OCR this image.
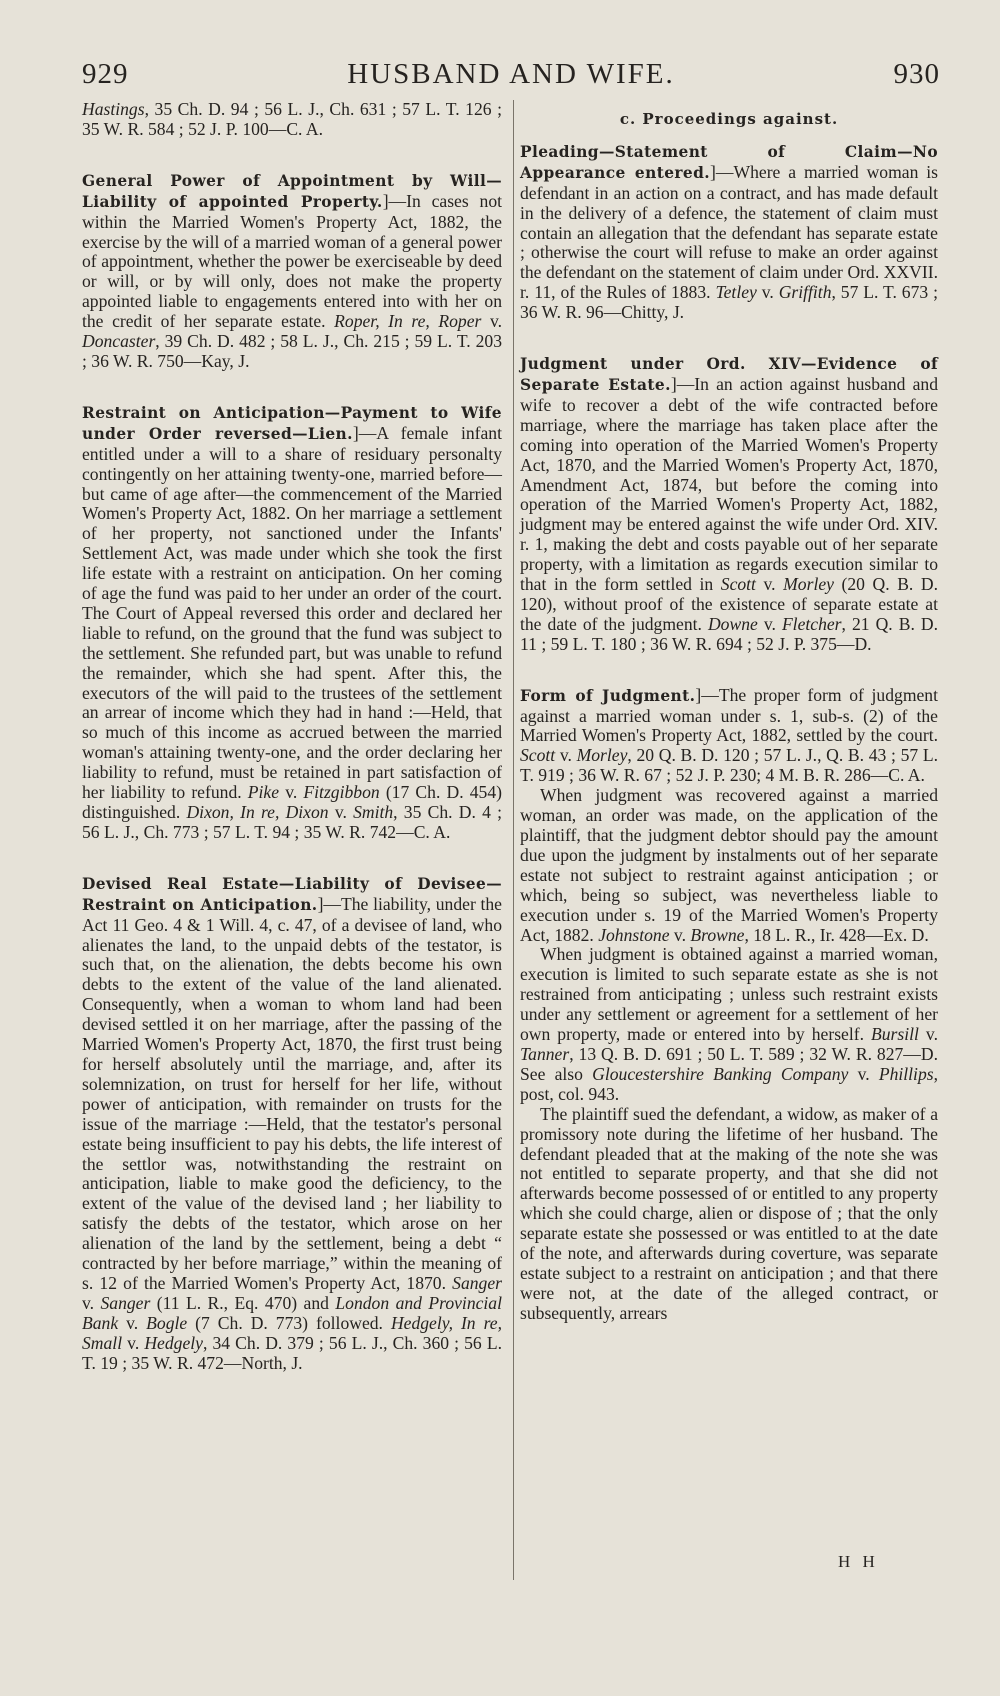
929	HUSBAND AND WIFE.	930

Hastings, 35 Ch. D. 94 ; 56 L. J., Ch. 631 ; 57 L. T. 126 ; 35 W. R. 584 ; 52 J. P. 100—C. A.

General Power of Appointment by Will—Liability of appointed Property.]—In cases not within the Married Women's Property Act, 1882, the exercise by the will of a married woman of a general power of appointment, whether the power be exerciseable by deed or will, or by will only, does not make the property appointed liable to engagements entered into with her on the credit of her separate estate. Roper, In re, Roper v. Doncaster, 39 Ch. D. 482 ; 58 L. J., Ch. 215 ; 59 L. T. 203 ; 36 W. R. 750—Kay, J.

Restraint on Anticipation—Payment to Wife under Order reversed—Lien.]—A female infant entitled under a will to a share of residuary personalty contingently on her attaining twenty-one, married before—but came of age after—the commencement of the Married Women's Property Act, 1882. On her marriage a settlement of her property, not sanctioned under the Infants' Settlement Act, was made under which she took the first life estate with a restraint on anticipation. On her coming of age the fund was paid to her under an order of the court. The Court of Appeal reversed this order and declared her liable to refund, on the ground that the fund was subject to the settlement. She refunded part, but was unable to refund the remainder, which she had spent. After this, the executors of the will paid to the trustees of the settlement an arrear of income which they had in hand :—Held, that so much of this income as accrued between the married woman's attaining twenty-one, and the order declaring her liability to refund, must be retained in part satisfaction of her liability to refund. Pike v. Fitzgibbon (17 Ch. D. 454) distinguished. Dixon, In re, Dixon v. Smith, 35 Ch. D. 4 ; 56 L. J., Ch. 773 ; 57 L. T. 94 ; 35 W. R. 742—C. A.

Devised Real Estate—Liability of Devisee—Restraint on Anticipation.]—The liability, under the Act 11 Geo. 4 & 1 Will. 4, c. 47, of a devisee of land, who alienates the land, to the unpaid debts of the testator, is such that, on the alienation, the debts become his own debts to the extent of the value of the land alienated. Consequently, when a woman to whom land had been devised settled it on her marriage, after the passing of the Married Women's Property Act, 1870, the first trust being for herself absolutely until the marriage, and, after its solemnization, on trust for herself for her life, without power of anticipation, with remainder on trusts for the issue of the marriage :—Held, that the testator's personal estate being insufficient to pay his debts, the life interest of the settlor was, notwithstanding the restraint on anticipation, liable to make good the deficiency, to the extent of the value of the devised land ; her liability to satisfy the debts of the testator, which arose on her alienation of the land by the settlement, being a debt “ contracted by her before marriage,” within the meaning of s. 12 of the Married Women's Property Act, 1870. Sanger v. Sanger (11 L. R., Eq. 470) and London and Provincial Bank v. Bogle (7 Ch. D. 773) followed. Hedgely, In re, Small v. Hedgely, 34 Ch. D. 379 ; 56 L. J., Ch. 360 ; 56 L. T. 19 ; 35 W. R. 472—North, J.

c. Proceedings against.

Pleading—Statement of Claim—No Appearance entered.]—Where a married woman is defendant in an action on a contract, and has made default in the delivery of a defence, the statement of claim must contain an allegation that the defendant has separate estate ; otherwise the court will refuse to make an order against the defendant on the statement of claim under Ord. XXVII. r. 11, of the Rules of 1883. Tetley v. Griffith, 57 L. T. 673 ; 36 W. R. 96—Chitty, J.

Judgment under Ord. XIV—Evidence of Separate Estate.]—In an action against husband and wife to recover a debt of the wife contracted before marriage, where the marriage has taken place after the coming into operation of the Married Women's Property Act, 1870, and the Married Women's Property Act, 1870, Amendment Act, 1874, but before the coming into operation of the Married Women's Property Act, 1882, judgment may be entered against the wife under Ord. XIV. r. 1, making the debt and costs payable out of her separate property, with a limitation as regards execution similar to that in the form settled in Scott v. Morley (20 Q. B. D. 120), without proof of the existence of separate estate at the date of the judgment. Downe v. Fletcher, 21 Q. B. D. 11 ; 59 L. T. 180 ; 36 W. R. 694 ; 52 J. P. 375—D.

Form of Judgment.]—The proper form of judgment against a married woman under s. 1, sub-s. (2) of the Married Women's Property Act, 1882, settled by the court. Scott v. Morley, 20 Q. B. D. 120 ; 57 L. J., Q. B. 43 ; 57 L. T. 919 ; 36 W. R. 67 ; 52 J. P. 230; 4 M. B. R. 286—C. A.

When judgment was recovered against a married woman, an order was made, on the application of the plaintiff, that the judgment debtor should pay the amount due upon the judgment by instalments out of her separate estate not subject to restraint against anticipation ; or which, being so subject, was nevertheless liable to execution under s. 19 of the Married Women's Property Act, 1882. Johnstone v. Browne, 18 L. R., Ir. 428—Ex. D.

When judgment is obtained against a married woman, execution is limited to such separate estate as she is not restrained from anticipating ; unless such restraint exists under any settlement or agreement for a settlement of her own property, made or entered into by herself. Bursill v. Tanner, 13 Q. B. D. 691 ; 50 L. T. 589 ; 32 W. R. 827—D. See also Gloucestershire Banking Company v. Phillips, post, col. 943.

The plaintiff sued the defendant, a widow, as maker of a promissory note during the lifetime of her husband. The defendant pleaded that at the making of the note she was not entitled to separate property, and that she did not afterwards become possessed of or entitled to any property which she could charge, alien or dispose of ; that the only separate estate she possessed or was entitled to at the date of the note, and afterwards during coverture, was separate estate subject to a restraint on anticipation ; and that there were not, at the date of the alleged contract, or subsequently, arrears

H H
